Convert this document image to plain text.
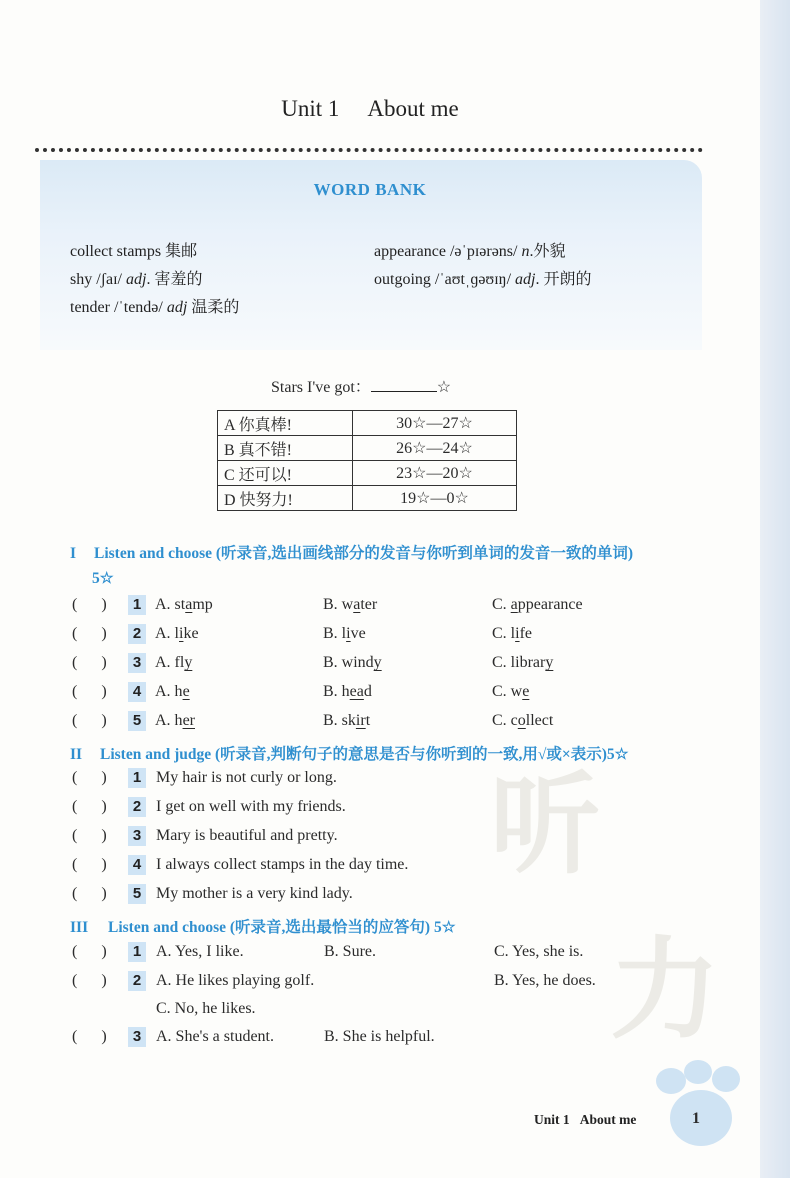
听
力
Unit 1 About me
WORD BANK
collect stamps 集邮
shy /ʃaɪ/ adj. 害羞的
tender /ˈtendə/ adj 温柔的
appearance /əˈpɪərəns/ n.外貌
outgoing /ˈaʊtˌɡəʊɪŋ/ adj. 开朗的
Stars I've got：	☆
A 你真棒!	30☆—27☆
B 真不错!	26☆—24☆
C 还可以!	23☆—20☆
D 快努力!	19☆—0☆
I Listen and choose (听录音,选出画线部分的发音与你听到单词的发音一致的单词)
5☆
(      )	1 A. stamp	B. water	C. appearance
(      )	2 A. like	B. live	C. life
(      )	3 A. fly	B. windy	C. library
(      )	4 A. he	B. head	C. we
(      )	5 A. her	B. skirt	C. collect
II Listen and judge (听录音,判断句子的意思是否与你听到的一致,用√或×表示)5☆
(      )	1 My hair is not curly or long.
(      )	2 I get on well with my friends.
(      )	3 Mary is beautiful and pretty.
(      )	4 I always collect stamps in the day time.
(      )	5 My mother is a very kind lady.
III Listen and choose (听录音,选出最恰当的应答句) 5☆
(      )	1 A. Yes, I like.	B. Sure.	C. Yes, she is.
(      )	2 A. He likes playing golf.	B. Yes, he does.
C. No, he likes.
(      )	3 A. She's a student.	B. She is helpful.
Unit 1 About me	1
